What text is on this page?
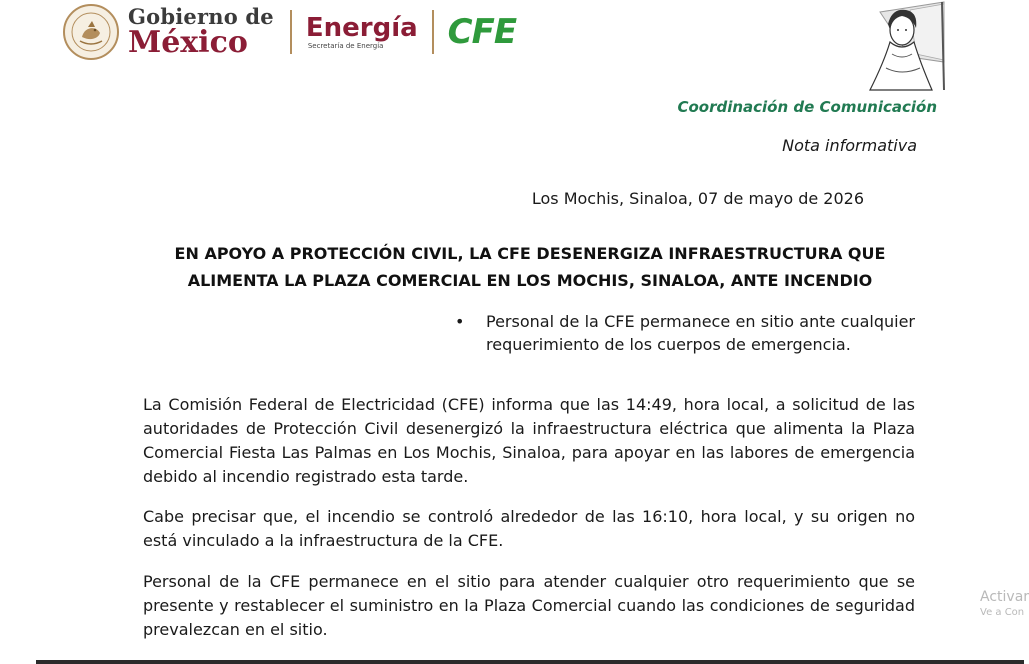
Gobierno de
México	Energía
Secretaría de Energía	CFE
Coordinación de Comunicación
Nota informativa
Los Mochis, Sinaloa, 07 de mayo de 2026
EN APOYO A PROTECCIÓN CIVIL, LA CFE DESENERGIZA INFRAESTRUCTURA QUE ALIMENTA LA PLAZA COMERCIAL EN LOS MOCHIS, SINALOA, ANTE INCENDIO
•	Personal de la CFE permanece en sitio ante cualquier requerimiento de los cuerpos de emergencia.

La Comisión Federal de Electricidad (CFE) informa que las 14:49, hora local, a solicitud de las autoridades de Protección Civil desenergizó la infraestructura eléctrica que alimenta la Plaza Comercial Fiesta Las Palmas en Los Mochis, Sinaloa, para apoyar en las labores de emergencia debido al incendio registrado esta tarde.

Cabe precisar que, el incendio se controló alrededor de las 16:10, hora local, y su origen no está vinculado a la infraestructura de la CFE.

Personal de la CFE permanece en el sitio para atender cualquier otro requerimiento que se presente y restablecer el suministro en la Plaza Comercial cuando las condiciones de seguridad prevalezcan en el sitio.

Activar
Ve a Con
